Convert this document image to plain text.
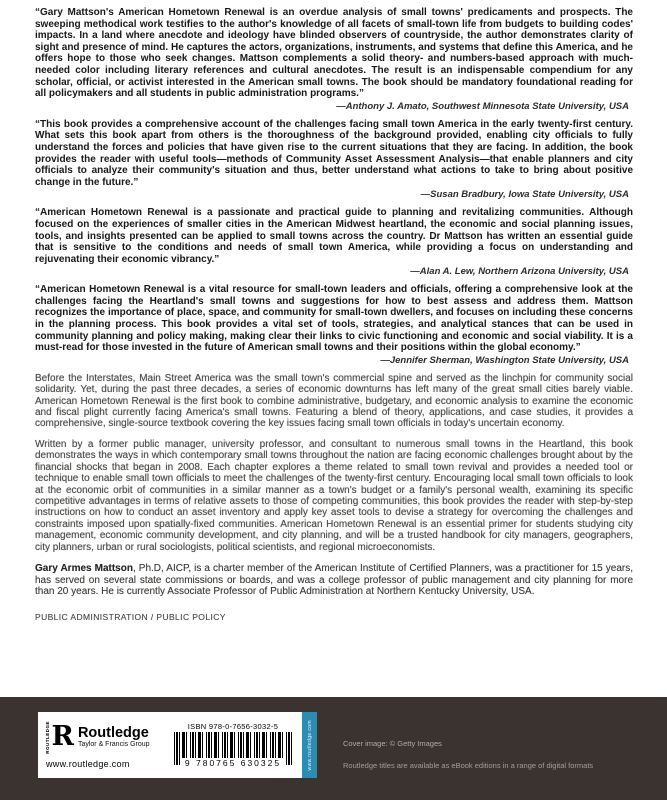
“Gary Mattson's American Hometown Renewal is an overdue analysis of small towns' predicaments and prospects. The sweeping methodical work testifies to the author's knowledge of all facets of small-town life from budgets to building codes' impacts. In a land where anecdote and ideology have blinded observers of countryside, the author demonstrates clarity of sight and presence of mind. He captures the actors, organizations, instruments, and systems that define this America, and he offers hope to those who seek changes. Mattson complements a solid theory- and numbers-based approach with much-needed color including literary references and cultural anecdotes. The result is an indispensable compendium for any scholar, official, or activist interested in the American small towns. The book should be mandatory foundational reading for all policymakers and all students in public administration programs.”

—Anthony J. Amato, Southwest Minnesota State University, USA

“This book provides a comprehensive account of the challenges facing small town America in the early twenty-first century. What sets this book apart from others is the thoroughness of the background provided, enabling city officials to fully understand the forces and policies that have given rise to the current situations that they are facing. In addition, the book provides the reader with useful tools—methods of Community Asset Assessment Analysis—that enable planners and city officials to analyze their community's situation and thus, better understand what actions to take to bring about positive change in the future.”

—Susan Bradbury, Iowa State University, USA

“American Hometown Renewal is a passionate and practical guide to planning and revitalizing communities. Although focused on the experiences of smaller cities in the American Midwest heartland, the economic and social planning issues, tools, and insights presented can be applied to small towns across the country. Dr Mattson has written an essential guide that is sensitive to the conditions and needs of small town America, while providing a focus on understanding and rejuvenating their economic vibrancy.”

—Alan A. Lew, Northern Arizona University, USA

“American Hometown Renewal is a vital resource for small-town leaders and officials, offering a comprehensive look at the challenges facing the Heartland's small towns and suggestions for how to best assess and address them. Mattson recognizes the importance of place, space, and community for small-town dwellers, and focuses on including these concerns in the planning process. This book provides a vital set of tools, strategies, and analytical stances that can be used in community planning and policy making, making clear their links to civic functioning and economic and social viability. It is a must-read for those invested in the future of American small towns and their positions within the global economy.”

—Jennifer Sherman, Washington State University, USA

Before the Interstates, Main Street America was the small town's commercial spine and served as the linchpin for community social solidarity. Yet, during the past three decades, a series of economic downturns has left many of the great small cities barely viable. American Hometown Renewal is the first book to combine administrative, budgetary, and economic analysis to examine the economic and fiscal plight currently facing America's small towns. Featuring a blend of theory, applications, and case studies, it provides a comprehensive, single-source textbook covering the key issues facing small town officials in today's uncertain economy.

Written by a former public manager, university professor, and consultant to numerous small towns in the Heartland, this book demonstrates the ways in which contemporary small towns throughout the nation are facing economic challenges brought about by the financial shocks that began in 2008. Each chapter explores a theme related to small town revival and provides a needed tool or technique to enable small town officials to meet the challenges of the twenty-first century. Encouraging local small town officials to look at the economic orbit of communities in a similar manner as a town's budget or a family's personal wealth, examining its specific competitive advantages in terms of relative assets to those of competing communities, this book provides the reader with step-by-step instructions on how to conduct an asset inventory and apply key asset tools to devise a strategy for overcoming the challenges and constraints imposed upon spatially-fixed communities. American Hometown Renewal is an essential primer for students studying city management, economic community development, and city planning, and will be a trusted handbook for city managers, geographers, city planners, urban or rural sociologists, political scientists, and regional microeconomists.

Gary Armes Mattson, Ph.D, AICP, is a charter member of the American Institute of Certified Planners, was a practitioner for 15 years, has served on several state commissions or boards, and was a college professor of public management and city planning for more than 20 years. He is currently Associate Professor of Public Administration at Northern Kentucky University, USA.

PUBLIC ADMINISTRATION / PUBLIC POLICY
ROUTLEDGE R Routledge
Taylor & Francis Group
www.routledge.com
ISBN 978-0-7656-3032-5
9 780765 630325	www.routledge.com	Cover image: © Getty Images
Routledge titles are available as eBook editions in a range of digital formats
